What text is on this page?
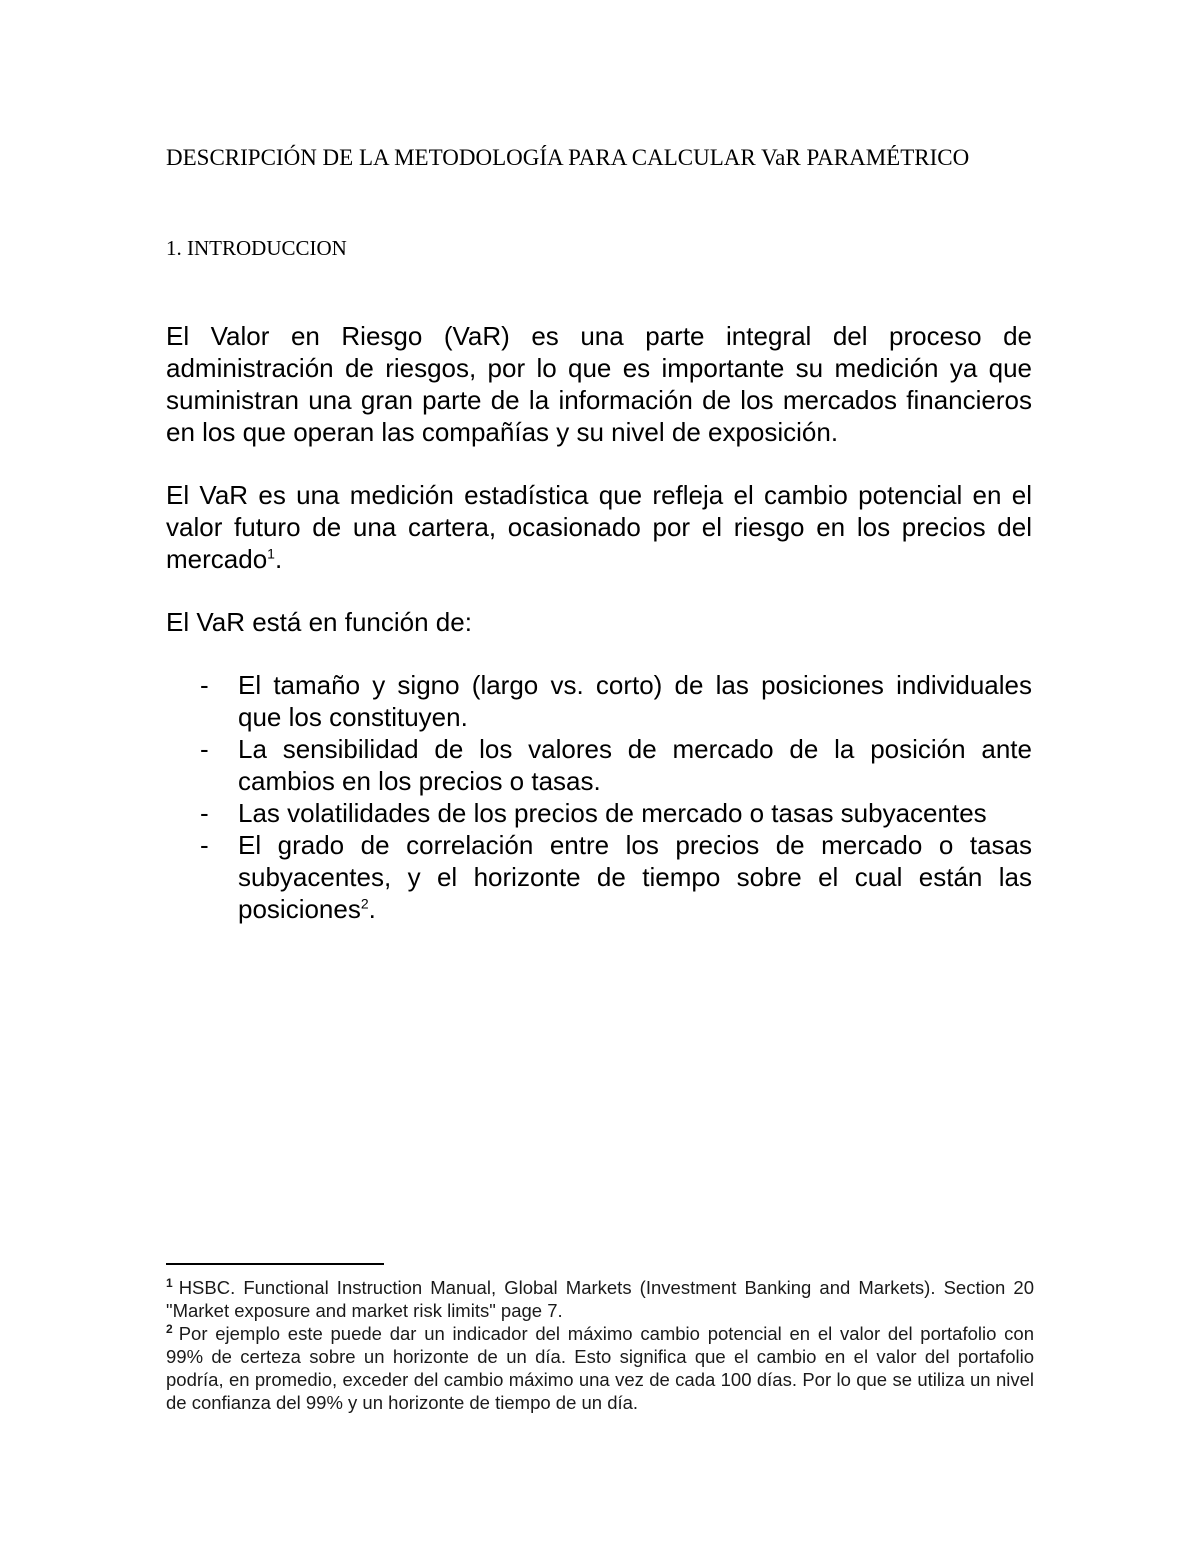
DESCRIPCIÓN DE LA METODOLOGÍA PARA CALCULAR VaR PARAMÉTRICO
1. INTRODUCCION

El Valor en Riesgo (VaR) es una parte integral del proceso de administración de riesgos, por lo que es importante su medición ya que suministran una gran parte de la información de los mercados financieros en los que operan las compañías y su nivel de exposición.

El VaR es una medición estadística que refleja el cambio potencial en el valor futuro de una cartera, ocasionado por el riesgo en los precios del mercado$^1$.

El VaR está en función de:

- El tamaño y signo (largo vs. corto) de las posiciones individuales que los constituyen.
- La sensibilidad de los valores de mercado de la posición ante cambios en los precios o tasas.
- Las volatilidades de los precios de mercado o tasas subyacentes
- El grado de correlación entre los precios de mercado o tasas subyacentes, y el horizonte de tiempo sobre el cual están las posiciones$^2$.

$^1$ HSBC. Functional Instruction Manual, Global Markets (Investment Banking and Markets). Section 20 "Market exposure and market risk limits" page 7.

$^2$ Por ejemplo este puede dar un indicador del máximo cambio potencial en el valor del portafolio con 99% de certeza sobre un horizonte de un día. Esto significa que el cambio en el valor del portafolio podría, en promedio, exceder del cambio máximo una vez de cada 100 días. Por lo que se utiliza un nivel de confianza del 99% y un horizonte de tiempo de un día.
